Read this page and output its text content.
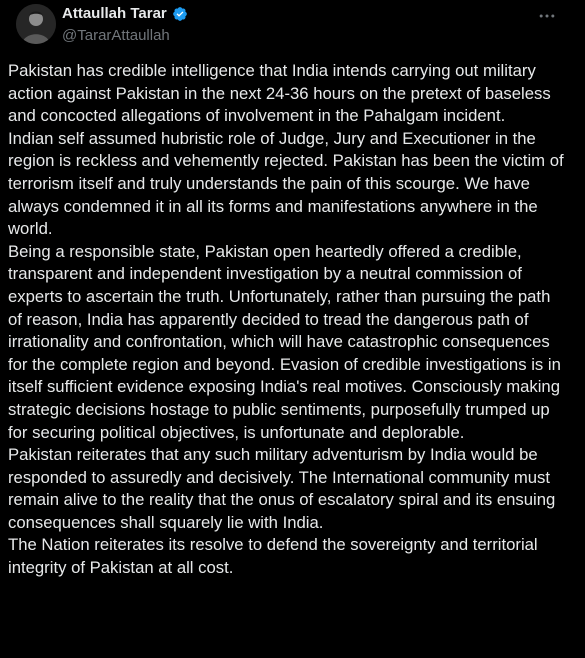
Attaullah Tarar
@TararAttaullah

Pakistan has credible intelligence that India intends carrying out military action against Pakistan in the next 24-36 hours on the pretext of baseless and concocted allegations of involvement in the Pahalgam incident.

Indian self assumed hubristic role of Judge, Jury and Executioner in the region is reckless and vehemently rejected. Pakistan has been the victim of terrorism itself and truly understands the pain of this scourge. We have always condemned it in all its forms and manifestations anywhere in the world.

Being a responsible state, Pakistan open heartedly offered a credible, transparent and independent investigation by a neutral commission of experts to ascertain the truth. Unfortunately, rather than pursuing the path of reason, India has apparently decided to tread the dangerous path of irrationality and confrontation, which will have catastrophic consequences for the complete region and beyond. Evasion of credible investigations is in itself sufficient evidence exposing India's real motives. Consciously making strategic decisions hostage to public sentiments, purposefully trumped up for securing political objectives, is unfortunate and deplorable.

Pakistan reiterates that any such military adventurism by India would be responded to assuredly and decisively. The International community must remain alive to the reality that the onus of escalatory spiral and its ensuing consequences shall squarely lie with India.

The Nation reiterates its resolve to defend the sovereignty and territorial integrity of Pakistan at all cost.
